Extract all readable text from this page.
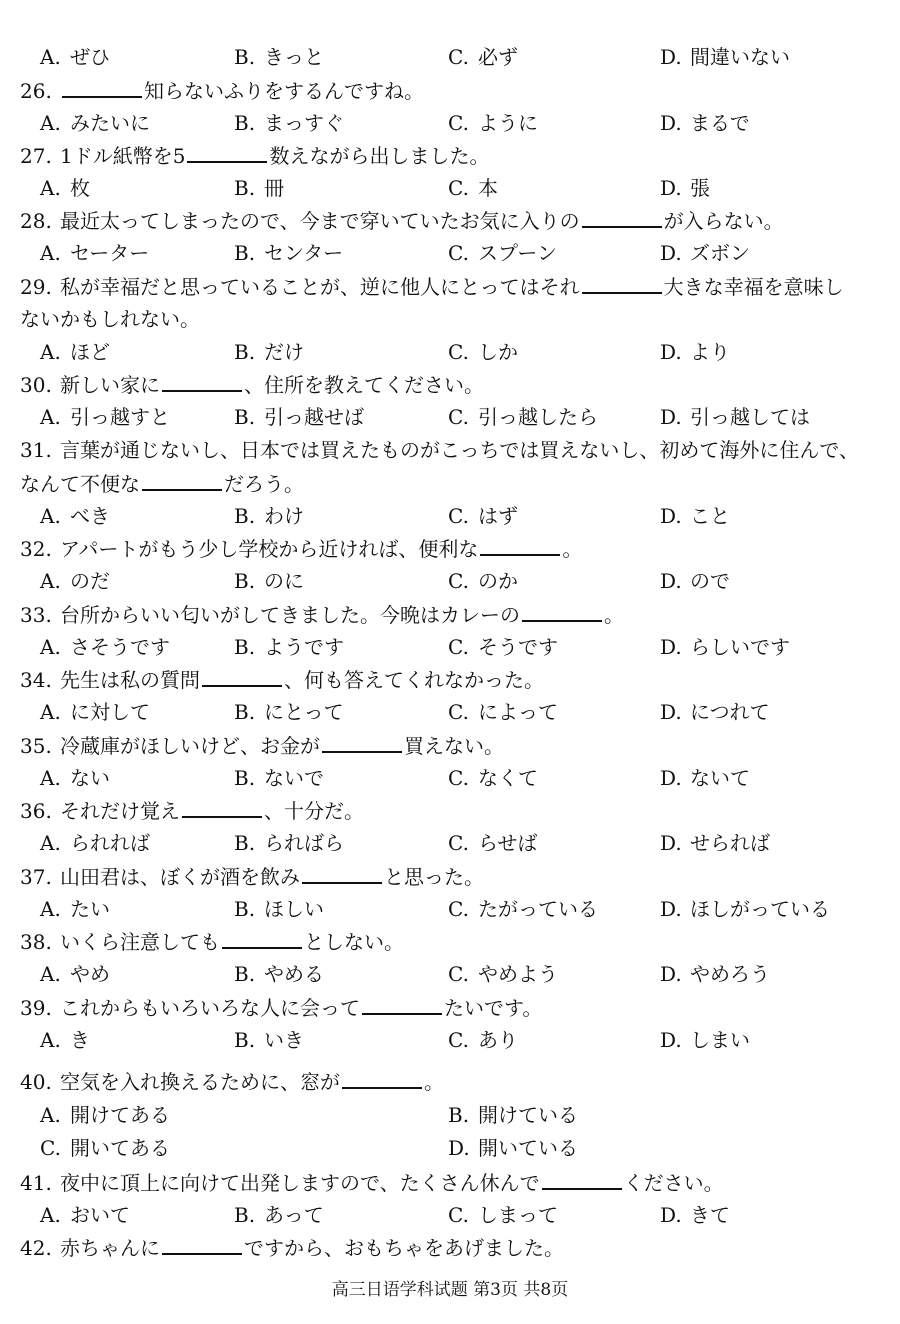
A. ぜひ	B. きっと	C. 必ず	D. 間違いない
26.	知らないふりをするんですね。
A. みたいに	B. まっすぐ	C. ように	D. まるで
27. 1ドル紙幣を5	数えながら出しました。
A. 枚	B. 冊	C. 本	D. 張
28. 最近太ってしまったので、今まで穿いていたお気に入りの	が入らない。
A. セーター	B. センター	C. スプーン	D. ズボン
29. 私が幸福だと思っていることが、逆に他人にとってはそれ	大きな幸福を意味し
ないかもしれない。
A. ほど	B. だけ	C. しか	D. より
30. 新しい家に	、住所を教えてください。
A. 引っ越すと	B. 引っ越せば	C. 引っ越したら	D. 引っ越しては
31. 言葉が通じないし、日本では買えたものがこっちでは買えないし、初めて海外に住んで、
なんて不便な	だろう。
A. べき	B. わけ	C. はず	D. こと
32. アパートがもう少し学校から近ければ、便利な	。
A. のだ	B. のに	C. のか	D. ので
33. 台所からいい匂いがしてきました。今晩はカレーの	。
A. さそうです	B. ようです	C. そうです	D. らしいです
34. 先生は私の質問	、何も答えてくれなかった。
A. に対して	B. にとって	C. によって	D. につれて
35. 冷蔵庫がほしいけど、お金が	買えない。
A. ない	B. ないで	C. なくて	D. ないて
36. それだけ覚え	、十分だ。
A. られれば	B. らればら	C. らせば	D. せられば
37. 山田君は、ぼくが酒を飲み	と思った。
A. たい	B. ほしい	C. たがっている	D. ほしがっている
38. いくら注意しても	としない。
A. やめ	B. やめる	C. やめよう	D. やめろう
39. これからもいろいろな人に会って	たいです。
A. き	B. いき	C. あり	D. しまい
40. 空気を入れ換えるために、窓が	。
A. 開けてある	B. 開けている
C. 開いてある	D. 開いている
41. 夜中に頂上に向けて出発しますので、たくさん休んで	ください。
A. おいて	B. あって	C. しまって	D. きて
42. 赤ちゃんに	ですから、おもちゃをあげました。
高三日语学科试题 第3页 共8页
